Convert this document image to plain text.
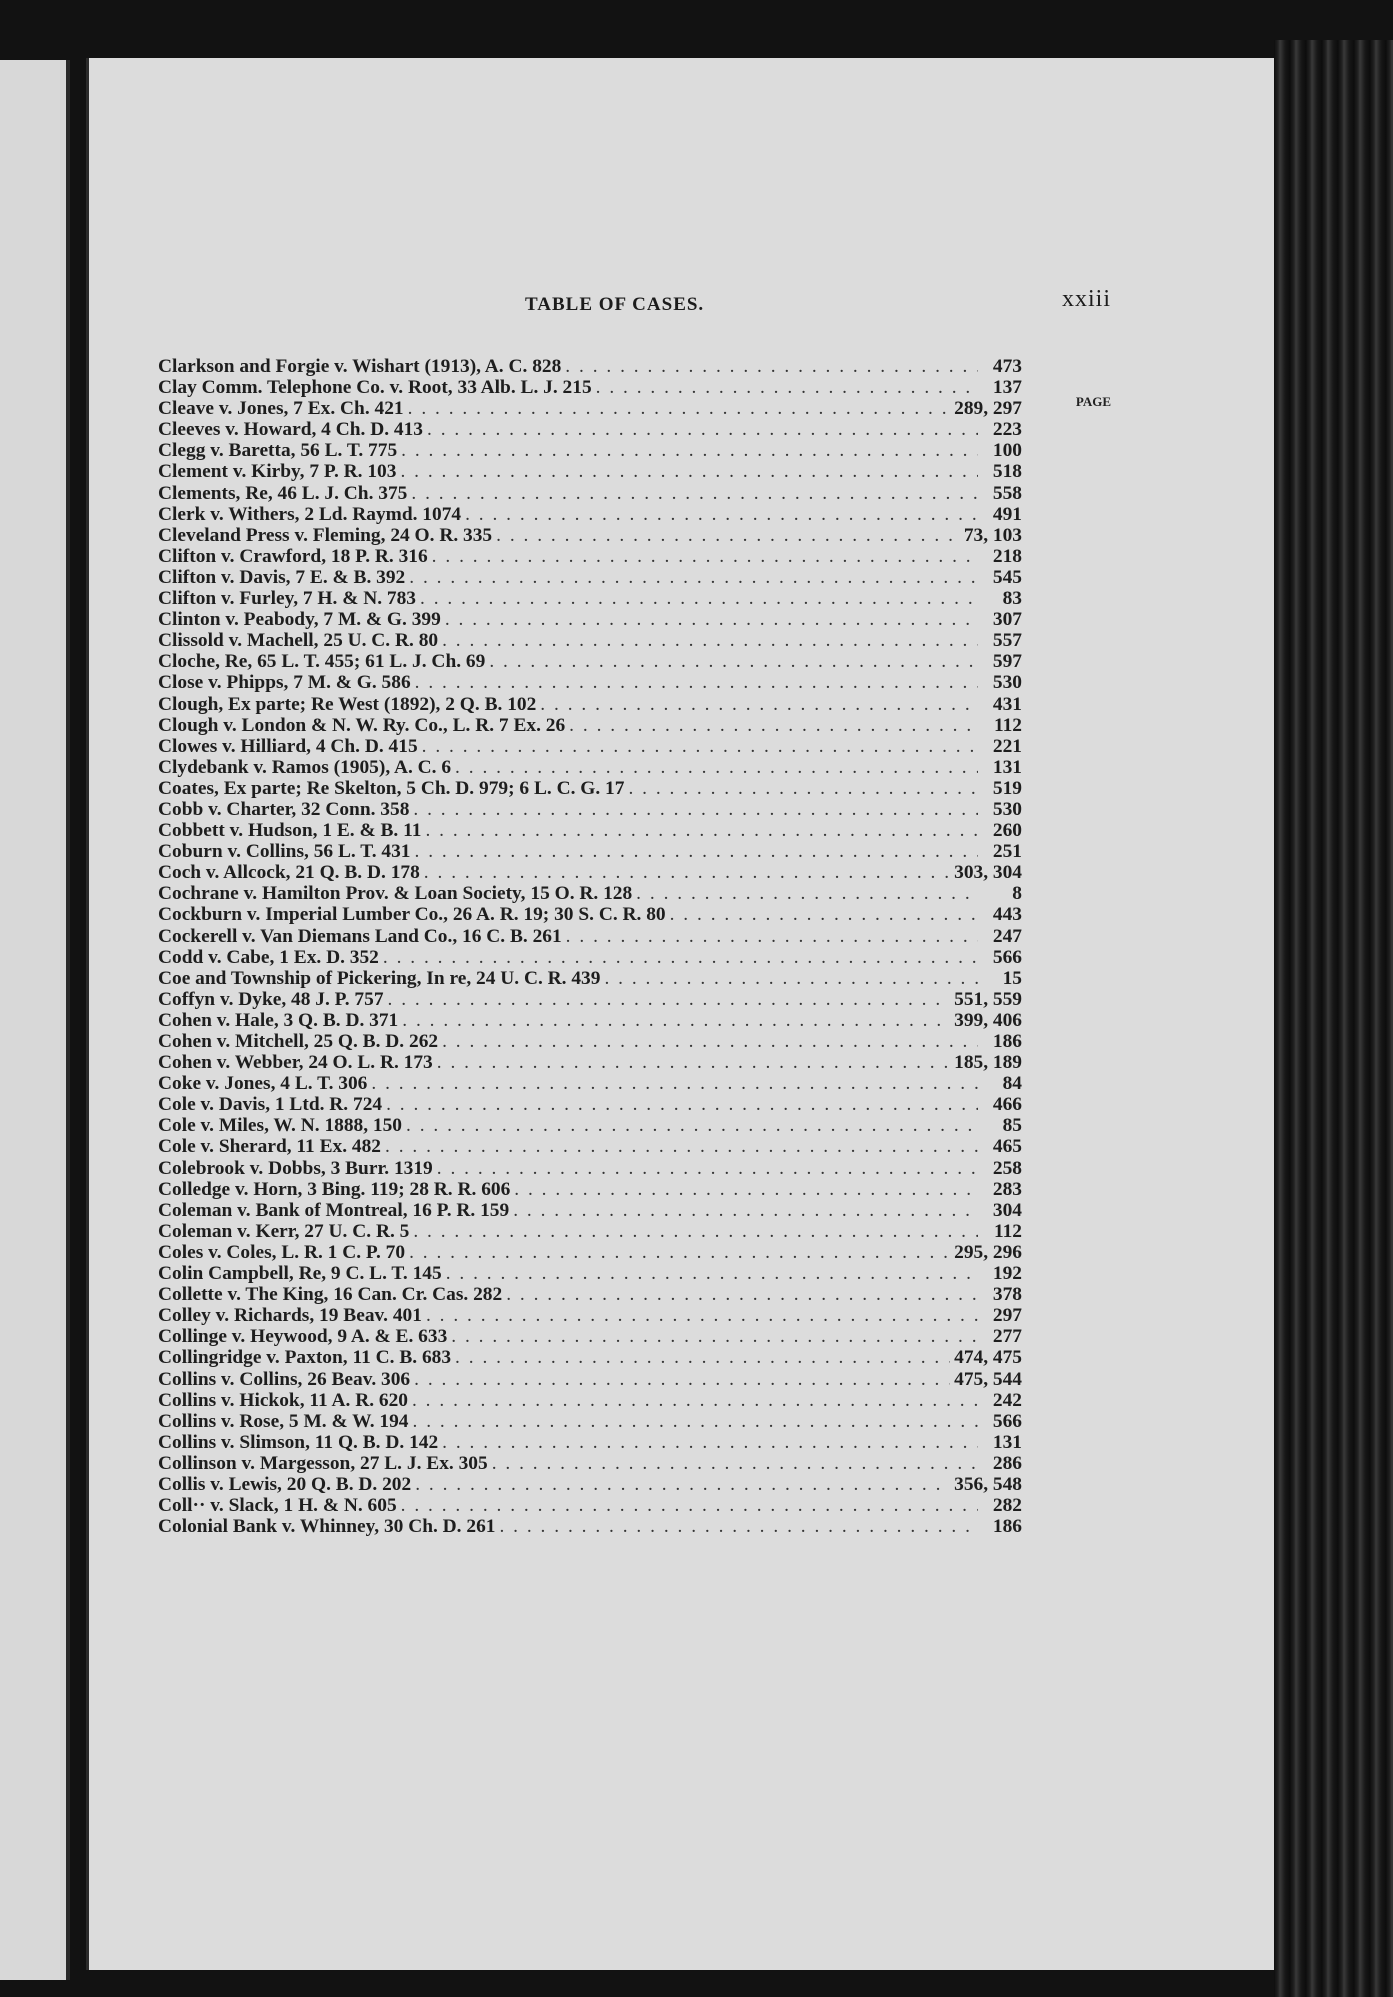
TABLE OF CASES.	xxiii
PAGE
Clarkson and Forgie v. Wishart (1913), A. C. 828 . . .	473
Clay Comm. Telephone Co. v. Root, 33 Alb. L. J. 215 . . .	137
Cleave v. Jones, 7 Ex. Ch. 421 . . .	289, 297
Cleeves v. Howard, 4 Ch. D. 413 . . .	223
Clegg v. Baretta, 56 L. T. 775 . . .	100
Clement v. Kirby, 7 P. R. 103 . . .	518
Clements, Re, 46 L. J. Ch. 375 . . .	558
Clerk v. Withers, 2 Ld. Raymd. 1074 . . .	491
Cleveland Press v. Fleming, 24 O. R. 335 . . .	73, 103
Clifton v. Crawford, 18 P. R. 316 . . .	218
Clifton v. Davis, 7 E. & B. 392 . . .	545
Clifton v. Furley, 7 H. & N. 783 . . .	83
Clinton v. Peabody, 7 M. & G. 399 . . .	307
Clissold v. Machell, 25 U. C. R. 80 . . .	557
Cloche, Re, 65 L. T. 455; 61 L. J. Ch. 69 . . .	597
Close v. Phipps, 7 M. & G. 586 . . .	530
Clough, Ex parte; Re West (1892), 2 Q. B. 102 . . .	431
Clough v. London & N. W. Ry. Co., L. R. 7 Ex. 26 . . .	112
Clowes v. Hilliard, 4 Ch. D. 415 . . .	221
Clydebank v. Ramos (1905), A. C. 6 . . .	131
Coates, Ex parte; Re Skelton, 5 Ch. D. 979; 6 L. C. G. 17 . . .	519
Cobb v. Charter, 32 Conn. 358 . . .	530
Cobbett v. Hudson, 1 E. & B. 11 . . .	260
Coburn v. Collins, 56 L. T. 431 . . .	251
Coch v. Allcock, 21 Q. B. D. 178 . . .	303, 304
Cochrane v. Hamilton Prov. & Loan Society, 15 O. R. 128 . . .	8
Cockburn v. Imperial Lumber Co., 26 A. R. 19; 30 S. C. R. 80 . . .	443
Cockerell v. Van Diemans Land Co., 16 C. B. 261 . . .	247
Codd v. Cabe, 1 Ex. D. 352 . . .	566
Coe and Township of Pickering, In re, 24 U. C. R. 439 . . .	15
Coffyn v. Dyke, 48 J. P. 757 . . .	551, 559
Cohen v. Hale, 3 Q. B. D. 371 . . .	399, 406
Cohen v. Mitchell, 25 Q. B. D. 262 . . .	186
Cohen v. Webber, 24 O. L. R. 173 . . .	185, 189
Coke v. Jones, 4 L. T. 306 . . .	84
Cole v. Davis, 1 Ltd. R. 724 . . .	466
Cole v. Miles, W. N. 1888, 150 . . .	85
Cole v. Sherard, 11 Ex. 482 . . .	465
Colebrook v. Dobbs, 3 Burr. 1319 . . .	258
Colledge v. Horn, 3 Bing. 119; 28 R. R. 606 . . .	283
Coleman v. Bank of Montreal, 16 P. R. 159 . . .	304
Coleman v. Kerr, 27 U. C. R. 5 . . .	112
Coles v. Coles, L. R. 1 C. P. 70 . . .	295, 296
Colin Campbell, Re, 9 C. L. T. 145 . . .	192
Collette v. The King, 16 Can. Cr. Cas. 282 . . .	378
Colley v. Richards, 19 Beav. 401 . . .	297
Collinge v. Heywood, 9 A. & E. 633 . . .	277
Collingridge v. Paxton, 11 C. B. 683 . . .	474, 475
Collins v. Collins, 26 Beav. 306 . . .	475, 544
Collins v. Hickok, 11 A. R. 620 . . .	242
Collins v. Rose, 5 M. & W. 194 . . .	566
Collins v. Slimson, 11 Q. B. D. 142 . . .	131
Collinson v. Margesson, 27 L. J. Ex. 305 . . .	286
Collis v. Lewis, 20 Q. B. D. 202 . . .	356, 548
Coll·· v. Slack, 1 H. & N. 605 . . .	282
Colonial Bank v. Whinney, 30 Ch. D. 261 . . .	186
